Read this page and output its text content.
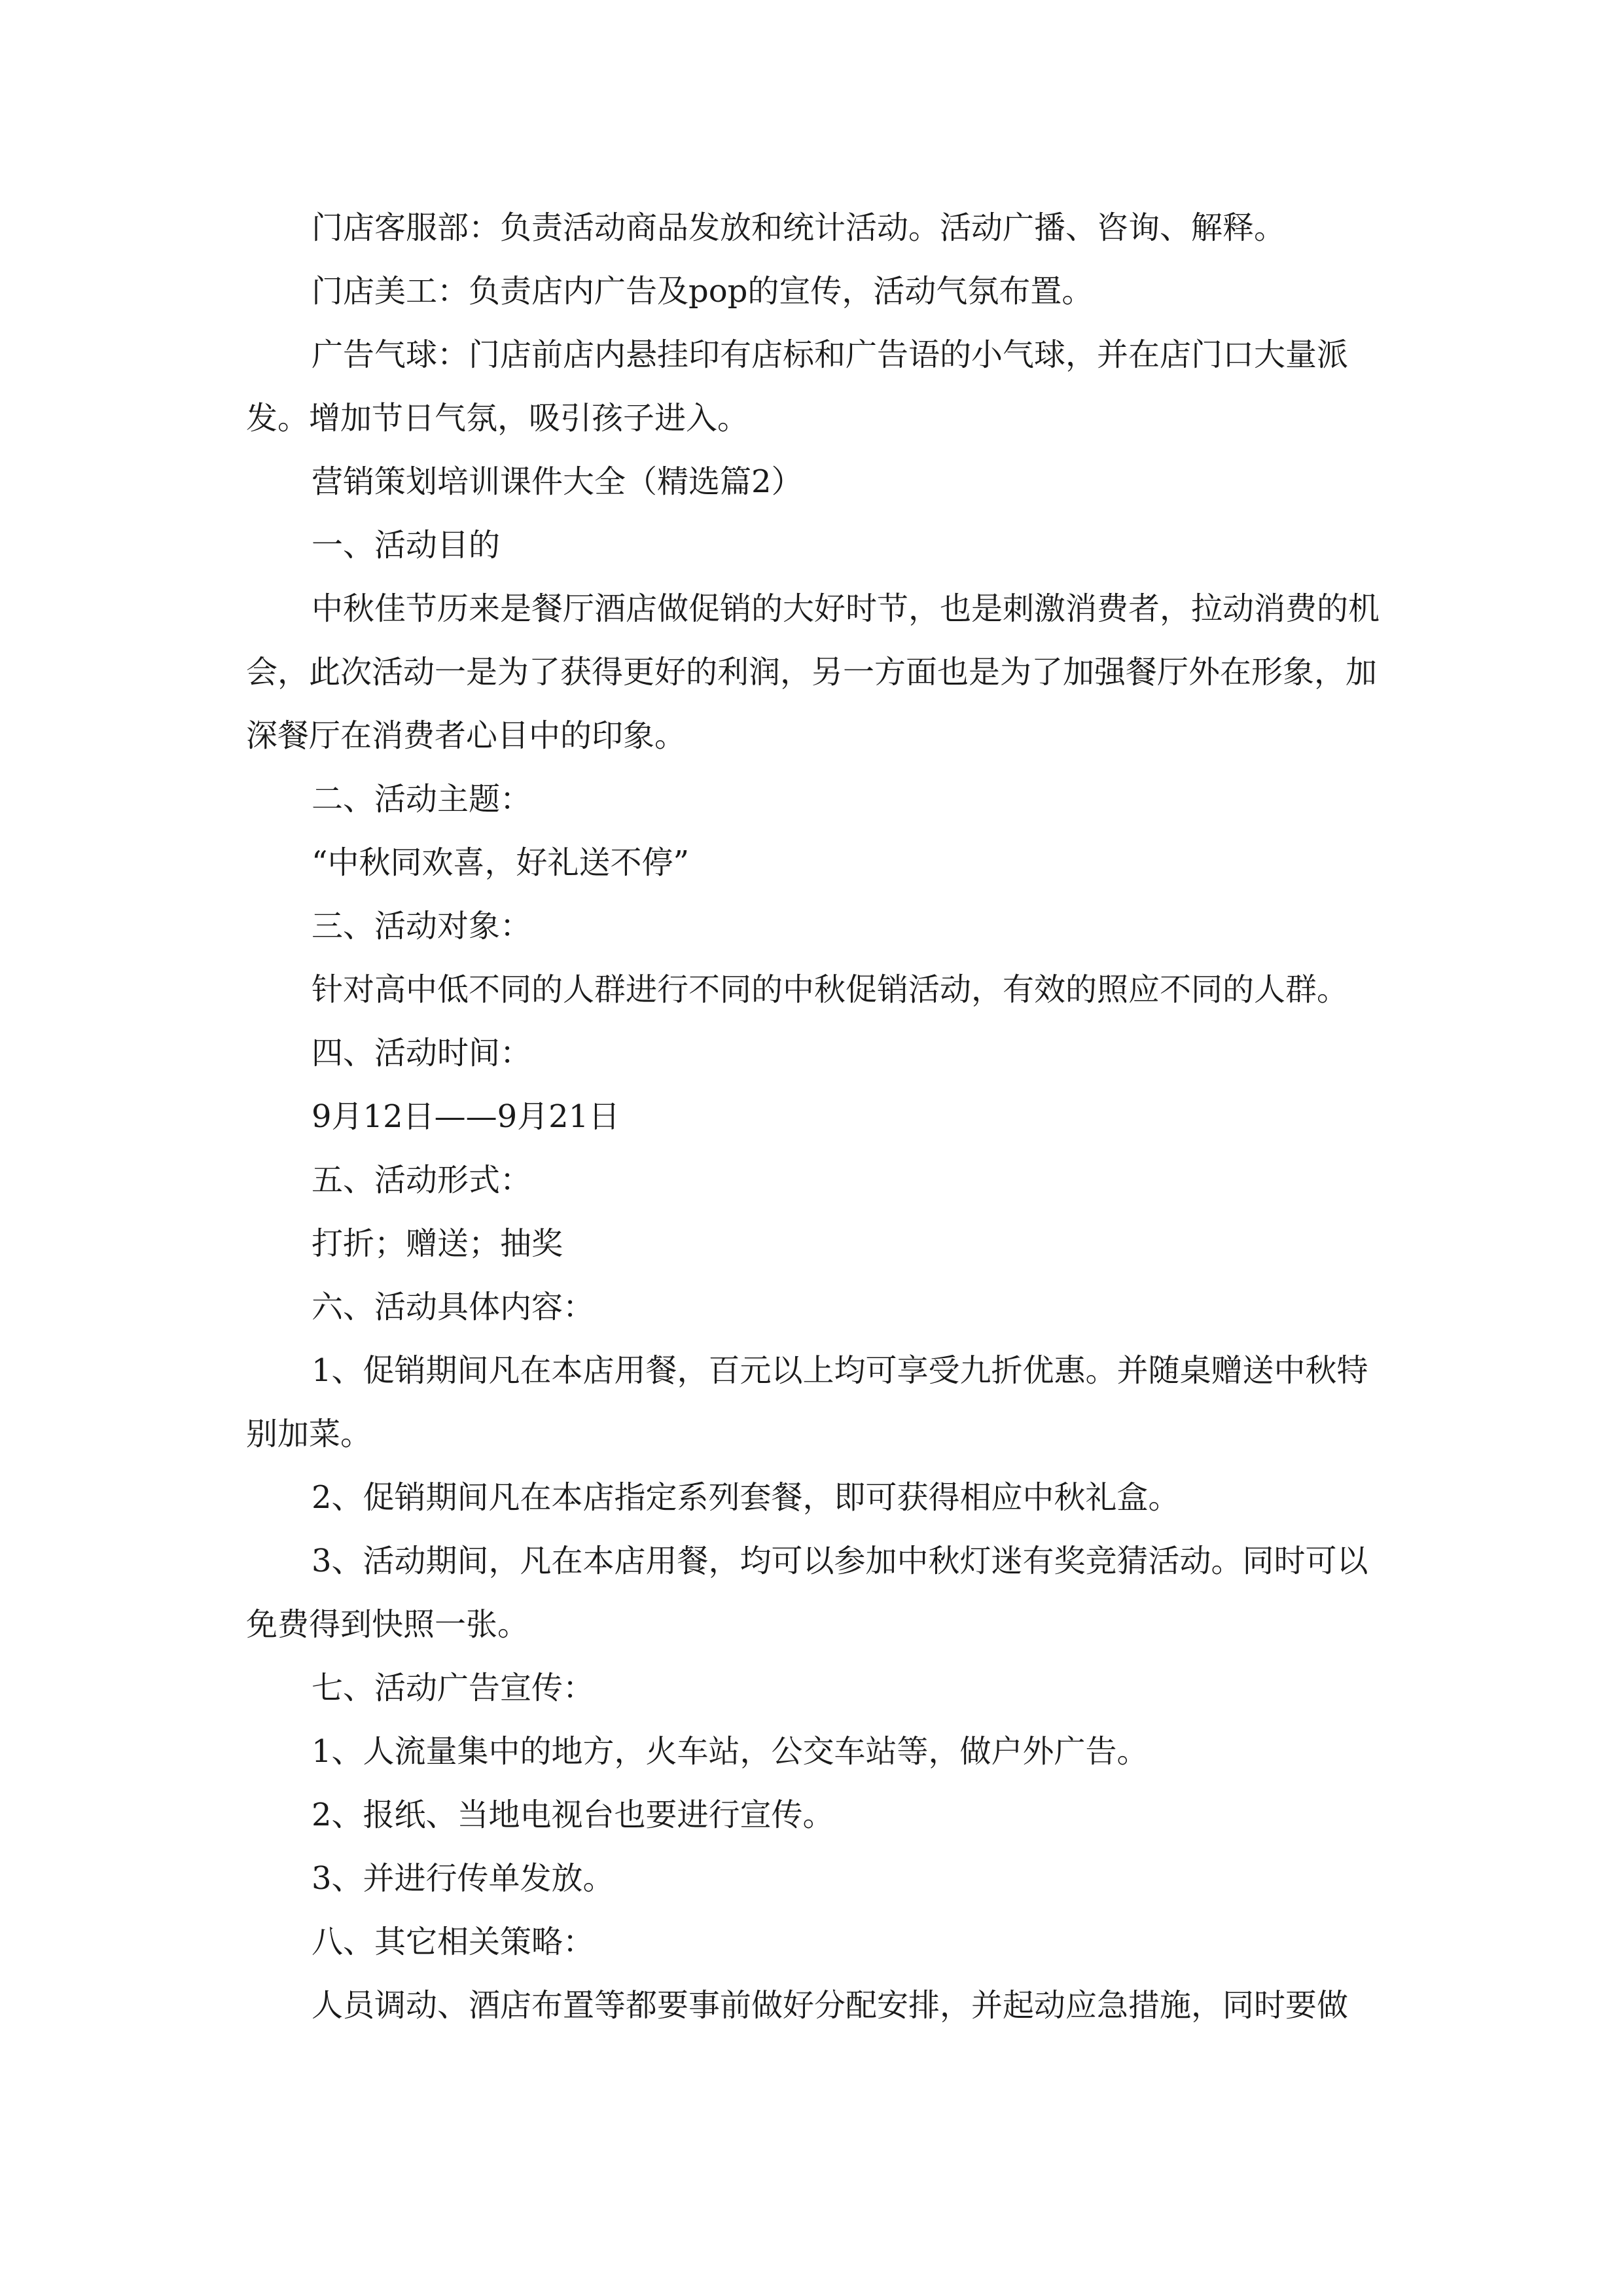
门店客服部：负责活动商品发放和统计活动。活动广播、咨询、解释。

门店美工：负责店内广告及pop的宣传，活动气氛布置。

广告气球：门店前店内悬挂印有店标和广告语的小气球，并在店门口大量派发。增加节日气氛，吸引孩子进入。

营销策划培训课件大全（精选篇2）

一、活动目的

中秋佳节历来是餐厅酒店做促销的大好时节，也是刺激消费者，拉动消费的机会，此次活动一是为了获得更好的利润，另一方面也是为了加强餐厅外在形象，加深餐厅在消费者心目中的印象。

二、活动主题：

“中秋同欢喜，好礼送不停”

三、活动对象：

针对高中低不同的人群进行不同的中秋促销活动，有效的照应不同的人群。

四、活动时间：

9月12日——9月21日

五、活动形式：

打折；赠送；抽奖

六、活动具体内容：

1、促销期间凡在本店用餐，百元以上均可享受九折优惠。并随桌赠送中秋特别加菜。

2、促销期间凡在本店指定系列套餐，即可获得相应中秋礼盒。

3、活动期间，凡在本店用餐，均可以参加中秋灯迷有奖竞猜活动。同时可以免费得到快照一张。

七、活动广告宣传：

1、人流量集中的地方，火车站，公交车站等，做户外广告。

2、报纸、当地电视台也要进行宣传。

3、并进行传单发放。

八、其它相关策略：

人员调动、酒店布置等都要事前做好分配安排，并起动应急措施，同时要做
